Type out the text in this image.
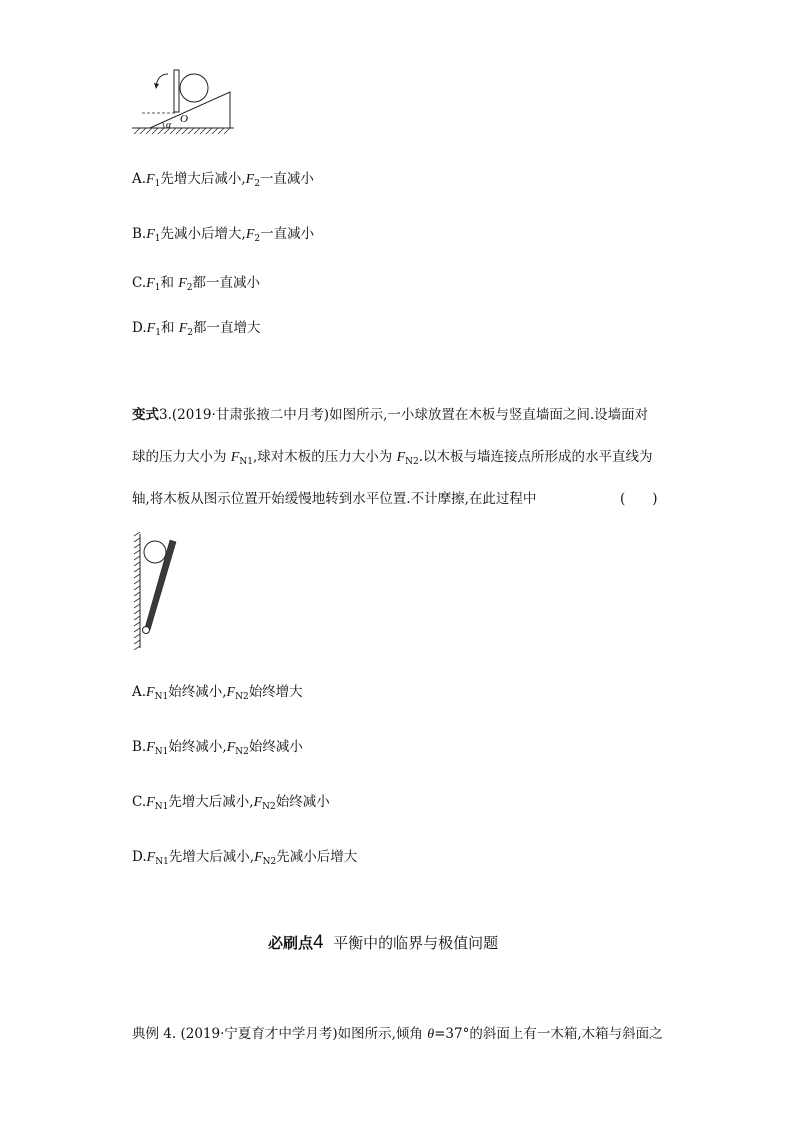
O
α
$A.F_1$先增大后减小$,F_2$一直减小
$B.F_1$先减小后增大$,F_2$一直减小
$C.F_1$和 $F_2$都一直减小
$D.F_1$和 $F_2$都一直增大
变式3.(2019·甘肃张掖二中月考)如图所示,一小球放置在木板与竖直墙面之间.设墙面对
球的压力大小为 $F_{N1}$,球对木板的压力大小为 $F_{N2}$.以木板与墙连接点所形成的水平直线为
轴,将木板从图示位置开始缓慢地转到水平位置.不计摩擦,在此过程中	(　　)
$A.F_{N1}$始终减小$,F_{N2}$始终增大
$B.F_{N1}$始终减小$,F_{N2}$始终减小
$C.F_{N1}$先增大后减小$,F_{N2}$始终减小
$D.F_{N1}$先增大后减小$,F_{N2}$先减小后增大
必刷点4 平衡中的临界与极值问题
典例 4. (2019·宁夏育才中学月考)如图所示,倾角 θ=37°的斜面上有一木箱,木箱与斜面之
